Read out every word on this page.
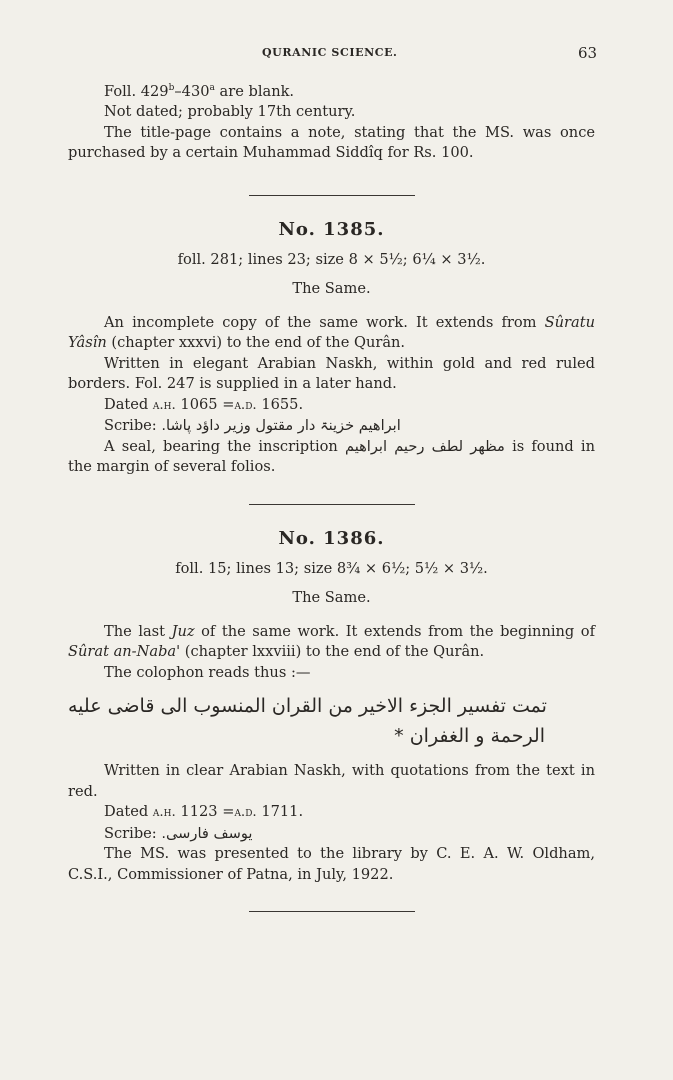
QURANIC SCIENCE.	63

Foll. 429$^b$–430$^a$ are blank.

Not dated; probably 17th century.

The title-page contains a note, stating that the MS. was once purchased by a certain Muhammad Siddîq for Rs. 100.

No. 1385.

foll. 281; lines 23; size 8 × 5½; 6¼ × 3½.

The Same.

An incomplete copy of the same work. It extends from Sûratu Yâsîn (chapter xxxvi) to the end of the Qurân.

Written in elegant Arabian Naskh, within gold and red ruled borders. Fol. 247 is supplied in a later hand.

Dated a.h. 1065 =a.d. 1655.

Scribe: ابراهیم خزینۃ دار مقتول وزیر داؤد پاشا.

A seal, bearing the inscription مظهر لطف رحیم ابراهیم is found in the margin of several folios.

No. 1386.

foll. 15; lines 13; size 8¾ × 6½; 5½ × 3½.

The Same.

The last Juz of the same work. It extends from the beginning of Sûrat an-Naba' (chapter lxxviii) to the end of the Qurân.

The colophon reads thus :—

تمت تفسیر الجزء الاخیر من القران المنسوب الی قاضی علیه
الرحمة و الغفران *

Written in clear Arabian Naskh, with quotations from the text in red.

Dated a.h. 1123 =a.d. 1711.

Scribe: یوسف فارسی.

The MS. was presented to the library by C. E. A. W. Oldham, C.S.I., Commissioner of Patna, in July, 1922.
